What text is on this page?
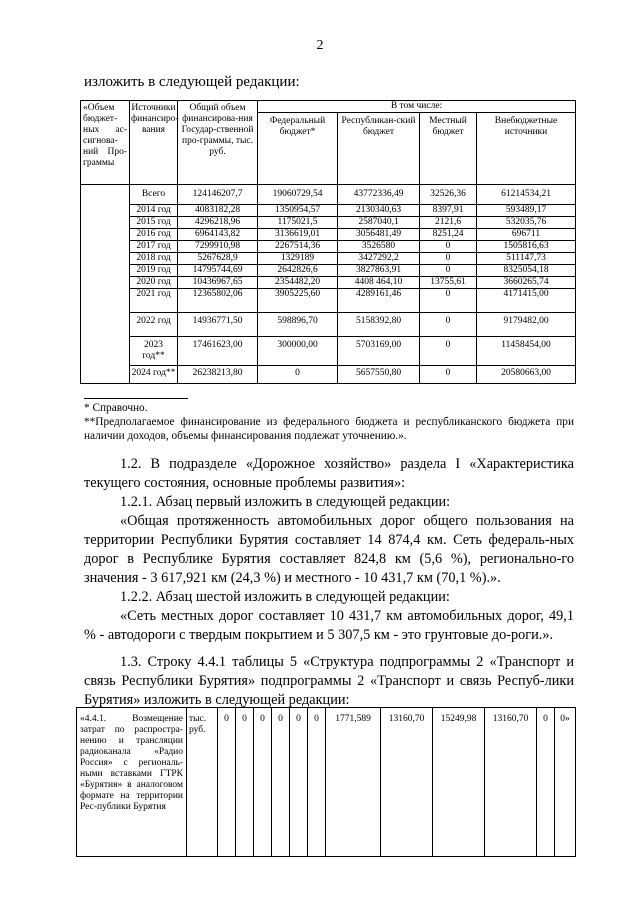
2
изложить в следующей редакции:
«Объем бюджет-ных ас-сигнова-ний Про-граммы	Источники финансиро-вания	Общий объем финансирова-ния Государ-ственной про-граммы, тыс. руб.	В том числе:			
			Федеральный бюджет*	Республикан-ский бюджет	Местный бюджет	Внебюджетные источники
	Всего	124146207,7	19060729,54	43772336,49	32526,36	61214534,21
	2014 год	4083182,28	1350954,57	2130340,63	8397,91	593489,17
	2015 год	4296218,96	1175021,5	2587040,1	2121,6	532035,76
	2016 год	6964143,82	3136619,01	3056481,49	8251,24	696711
	2017 год	7299910,98	2267514,36	3526580	0	1505816,63
	2018 год	5267628,9	1329189	3427292,2	0	511147,73
	2019 год	14795744,69	2642826,6	3827863,91	0	8325054,18
	2020 год	10436967,65	2354482,20	4408 464,10	13755,61	3660265,74
	2021 год	12365802,06	3905225,60	4289161,46	0	4171415,00
	2022 год	14936771,50	598896,70	5158392,80	0	9179482,00
	2023 год**	17461623,00	300000,00	5703169,00	0	11458454,00
	2024 год**	26238213,80	0	5657550,80	0	20580663,00

* Справочно.

**Предполагаемое финансирование из федерального бюджета и республиканского бюджета при наличии доходов, объемы финансирования подлежат уточнению.».

1.2. В подразделе «Дорожное хозяйство» раздела I «Характеристика текущего состояния, основные проблемы развития»:

1.2.1. Абзац первый изложить в следующей редакции:

«Общая протяженность автомобильных дорог общего пользования на территории Республики Бурятия составляет 14 874,4 км. Сеть федераль-ных дорог в Республике Бурятия составляет 824,8 км (5,6 %), регионально-го значения - 3 617,921 км (24,3 %) и местного - 10 431,7 км (70,1 %).».

1.2.2. Абзац шестой изложить в следующей редакции:

«Сеть местных дорог составляет 10 431,7 км автомобильных дорог, 49,1 % - автодороги с твердым покрытием и 5 307,5 км - это грунтовые до-роги.».

1.3. Строку 4.4.1 таблицы 5 «Структура подпрограммы 2 «Транспорт и связь Республики Бурятия» подпрограммы 2 «Транспорт и связь Респуб-лики Бурятия» изложить в следующей редакции:

«4.4.1. Возмещение затрат по распростра-нению и трансляции радиоканала «Радио Россия» с региональ-ными вставками ГТРК «Бурятия» в аналоговом формате на территории Рес-публики Бурятия	тыс. руб.	0	0	0	0	0	0	1771,589	13160,70	15249,98	13160,70	0	0»
